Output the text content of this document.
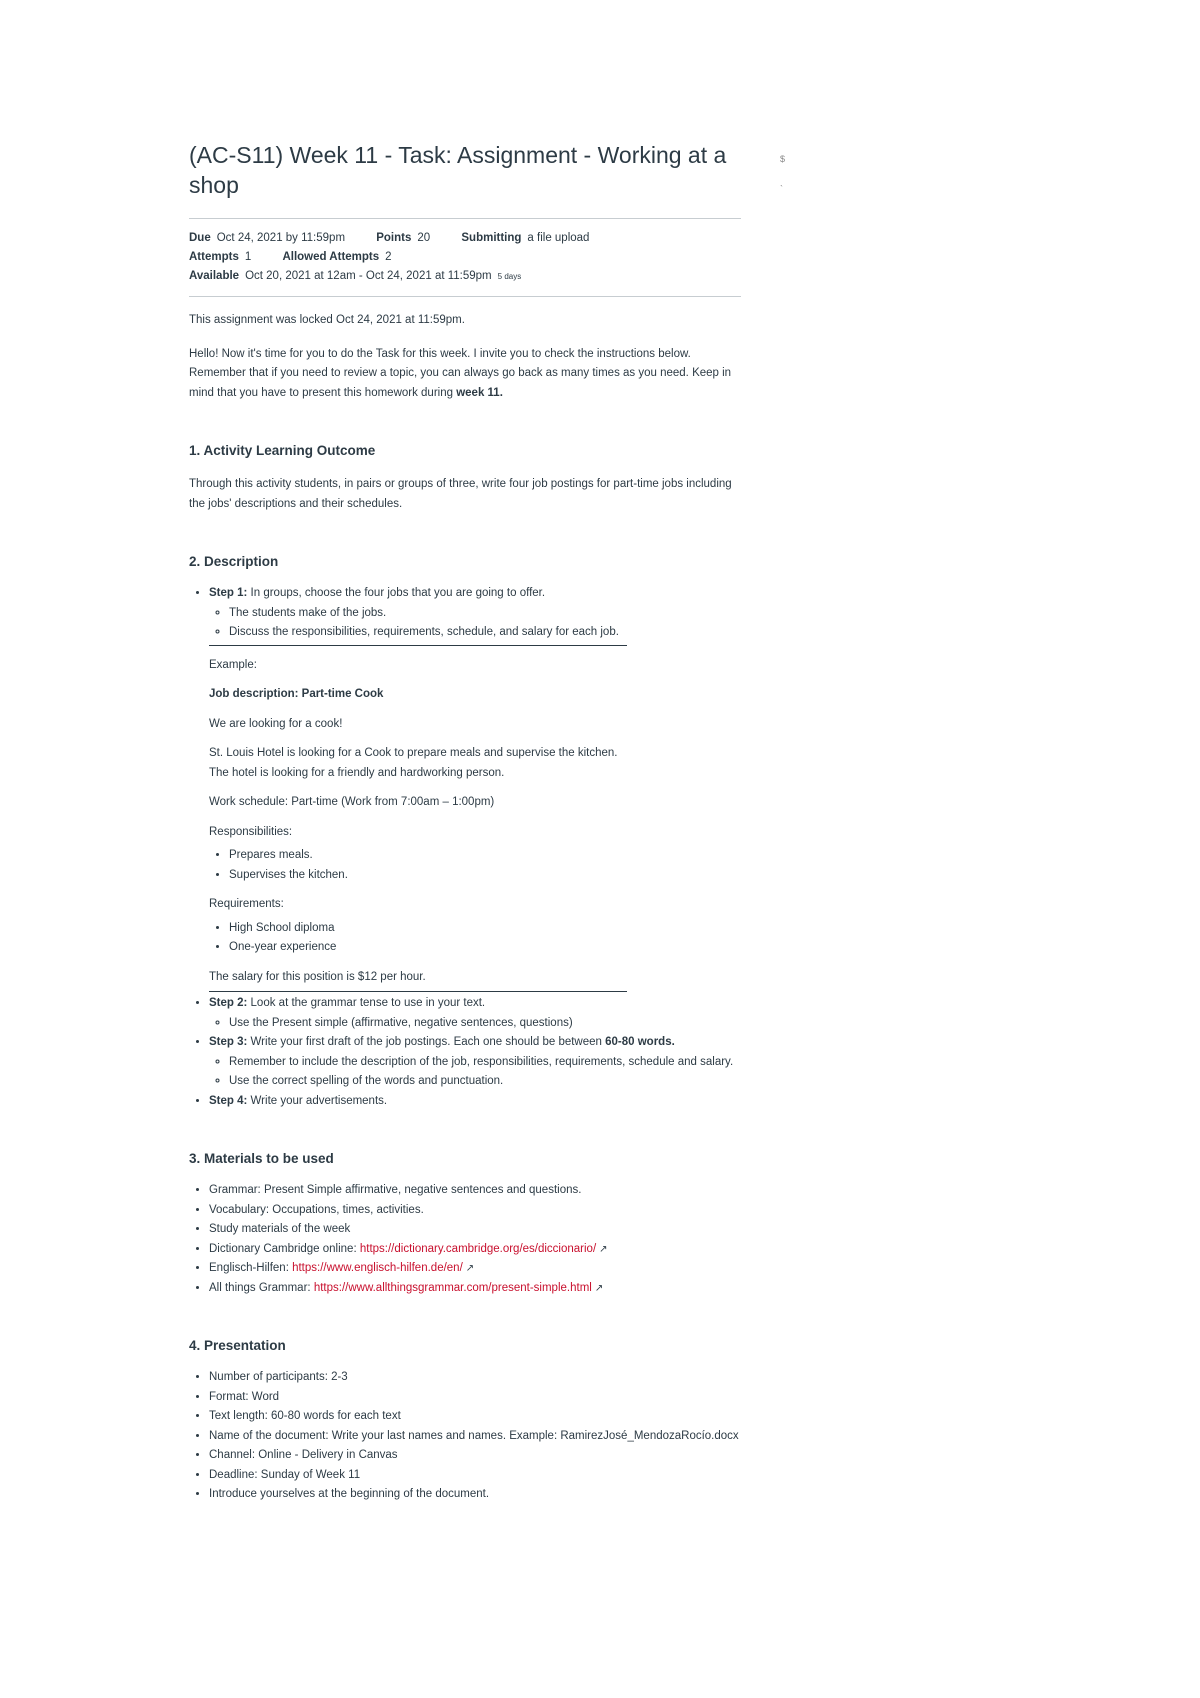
(AC-S11) Week 11 - Task: Assignment - Working at a shop
Due Oct 24, 2021 by 11:59pm	Points 20	Submitting a file upload
Attempts 1	Allowed Attempts 2
Available Oct 20, 2021 at 12am - Oct 24, 2021 at 11:59pm 5 days

This assignment was locked Oct 24, 2021 at 11:59pm.

Hello! Now it's time for you to do the Task for this week. I invite you to check the instructions below. Remember that if you need to review a topic, you can always go back as many times as you need. Keep in mind that you have to present this homework during week 11.

1. Activity Learning Outcome

Through this activity students, in pairs or groups of three, write four job postings for part-time jobs including the jobs' descriptions and their schedules.

2. Description
• Step 1: In groups, choose the four jobs that you are going to offer.
◦ The students make of the jobs.
◦ Discuss the responsibilities, requirements, schedule, and salary for each job.

Example:

Job description: Part-time Cook

We are looking for a cook!

St. Louis Hotel is looking for a Cook to prepare meals and supervise the kitchen. The hotel is looking for a friendly and hardworking person.

Work schedule: Part-time (Work from 7:00am – 1:00pm)

Responsibilities:

• Prepares meals.
• Supervises the kitchen.

Requirements:

• High School diploma
• One-year experience

The salary for this position is $12 per hour.

• Step 2: Look at the grammar tense to use in your text.
◦ Use the Present simple (affirmative, negative sentences, questions)
• Step 3: Write your first draft of the job postings. Each one should be between 60-80 words.
◦ Remember to include the description of the job, responsibilities, requirements, schedule and salary.
◦ Use the correct spelling of the words and punctuation.
• Step 4: Write your advertisements.
3. Materials to be used
• Grammar: Present Simple affirmative, negative sentences and questions.
• Vocabulary: Occupations, times, activities.
• Study materials of the week
• Dictionary Cambridge online: https://dictionary.cambridge.org/es/diccionario/ ↗
• Englisch-Hilfen: https://www.englisch-hilfen.de/en/ ↗
• All things Grammar: https://www.allthingsgrammar.com/present-simple.html ↗
4. Presentation
• Number of participants: 2-3
• Format: Word
• Text length: 60-80 words for each text
• Name of the document: Write your last names and names. Example: RamirezJosé_MendozaRocío.docx
• Channel: Online - Delivery in Canvas
• Deadline: Sunday of Week 11
• Introduce yourselves at the beginning of the document.
$
`
